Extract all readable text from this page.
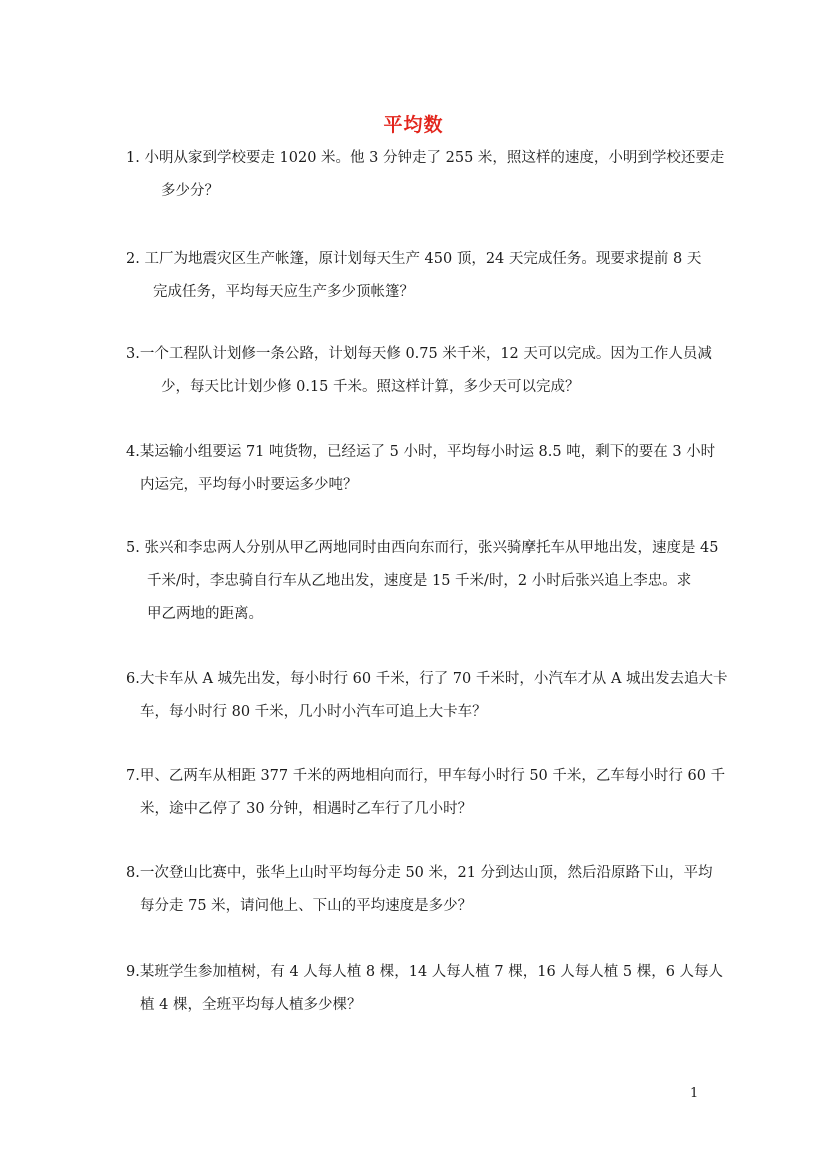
平均数
1. 小明从家到学校要走 1020 米。他 3 分钟走了 255 米，照这样的速度，小明到学校还要走
多少分？
2. 工厂为地震灾区生产帐篷，原计划每天生产 450 顶，24 天完成任务。现要求提前 8 天
完成任务，平均每天应生产多少顶帐篷？
3.一个工程队计划修一条公路，计划每天修 0.75 米千米，12 天可以完成。因为工作人员减
少，每天比计划少修 0.15 千米。照这样计算，多少天可以完成？
4.某运输小组要运 71 吨货物，已经运了 5 小时，平均每小时运 8.5 吨，剩下的要在 3 小时
内运完，平均每小时要运多少吨？
5. 张兴和李忠两人分别从甲乙两地同时由西向东而行，张兴骑摩托车从甲地出发，速度是 45
千米/时，李忠骑自行车从乙地出发，速度是 15 千米/时，2 小时后张兴追上李忠。求
甲乙两地的距离。
6.大卡车从 A 城先出发，每小时行 60 千米，行了 70 千米时，小汽车才从 A 城出发去追大卡
车，每小时行 80 千米，几小时小汽车可追上大卡车？
7.甲、乙两车从相距 377 千米的两地相向而行，甲车每小时行 50 千米，乙车每小时行 60 千
米，途中乙停了 30 分钟，相遇时乙车行了几小时？
8.一次登山比赛中，张华上山时平均每分走 50 米，21 分到达山顶，然后沿原路下山，平均
每分走 75 米，请问他上、下山的平均速度是多少？
9.某班学生参加植树，有 4 人每人植 8 棵，14 人每人植 7 棵，16 人每人植 5 棵，6 人每人
植 4 棵，全班平均每人植多少棵？
1
